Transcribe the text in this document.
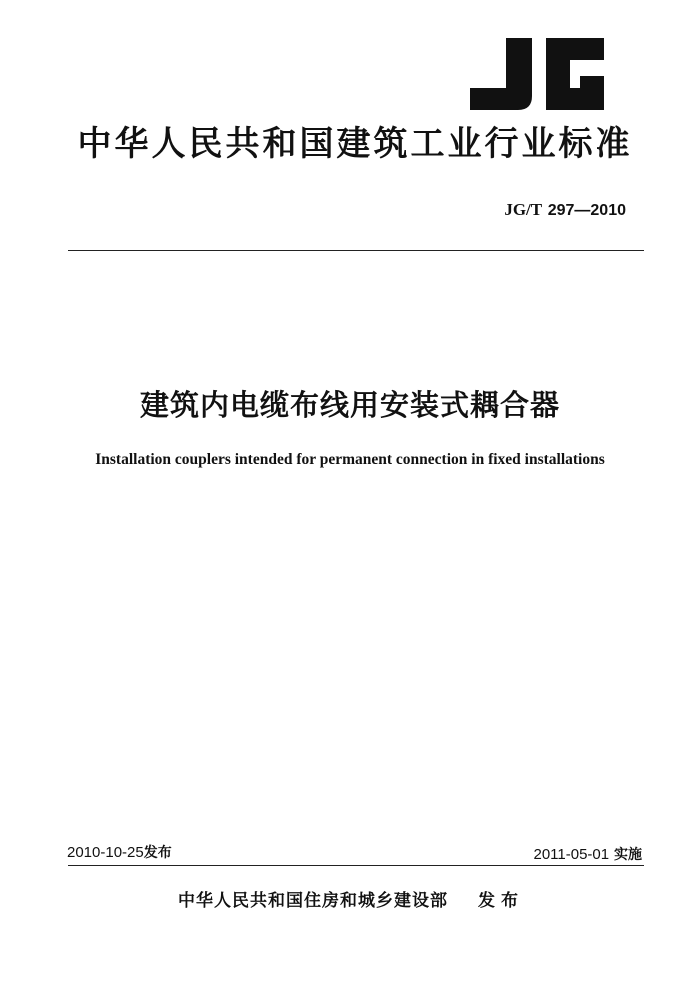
中华人民共和国建筑工业行业标准
JG/T 297—2010
建筑内电缆布线用安装式耦合器
Installation couplers intended for permanent connection in fixed installations
2010-10-25发布	2011-05-01 实施
中华人民共和国住房和城乡建设部 发布
